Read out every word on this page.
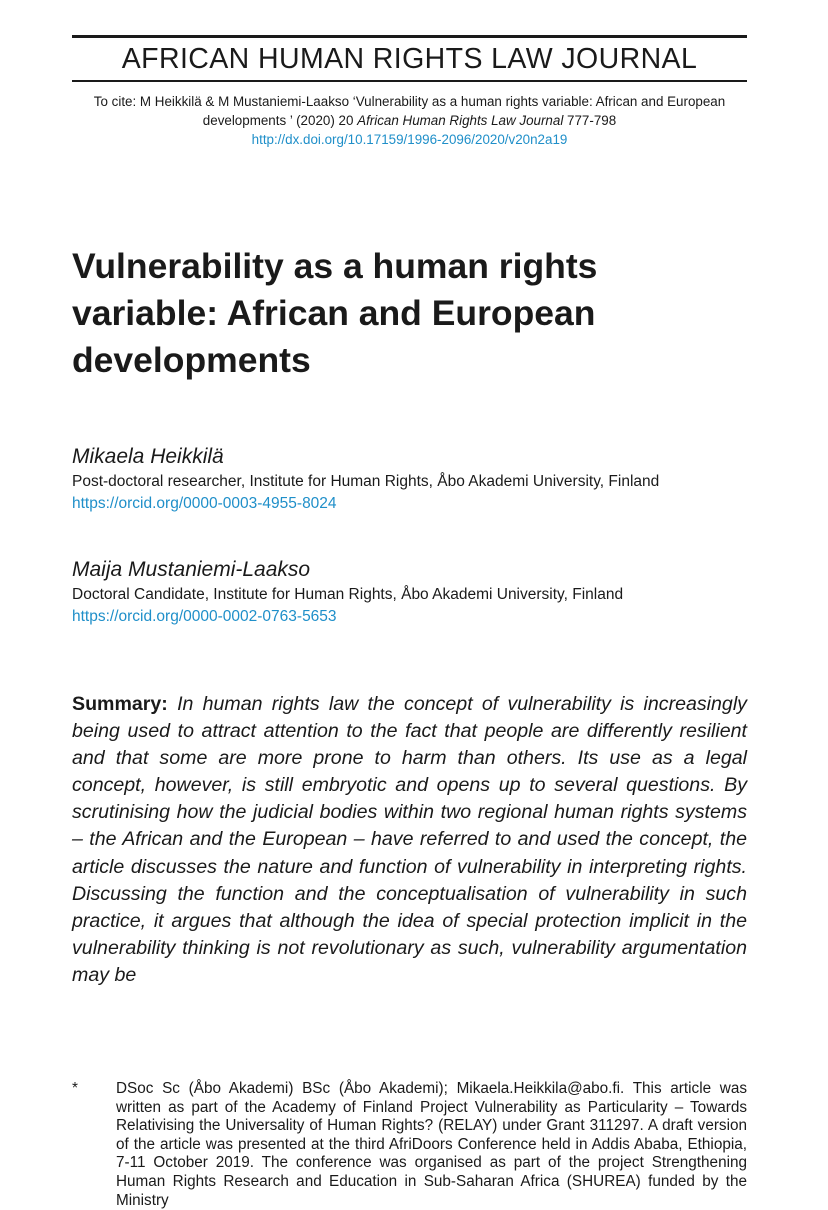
AFRICAN HUMAN RIGHTS LAW JOURNAL
To cite: M Heikkilä & M Mustaniemi-Laakso ‘Vulnerability as a human rights variable: African and European developments ’ (2020) 20 African Human Rights Law Journal 777-798
http://dx.doi.org/10.17159/1996-2096/2020/v20n2a19
Vulnerability as a human rights variable: African and European developments
Mikaela Heikkilä
Post-doctoral researcher, Institute for Human Rights, Åbo Akademi University, Finland
https://orcid.org/0000-0003-4955-8024
Maija Mustaniemi-Laakso
Doctoral Candidate, Institute for Human Rights, Åbo Akademi University, Finland
https://orcid.org/0000-0002-0763-5653
Summary: In human rights law the concept of vulnerability is increasingly being used to attract attention to the fact that people are differently resilient and that some are more prone to harm than others. Its use as a legal concept, however, is still embryotic and opens up to several questions. By scrutinising how the judicial bodies within two regional human rights systems – the African and the European – have referred to and used the concept, the article discusses the nature and function of vulnerability in interpreting rights. Discussing the function and the conceptualisation of vulnerability in such practice, it argues that although the idea of special protection implicit in the vulnerability thinking is not revolutionary as such, vulnerability argumentation may be
* DSoc Sc (Åbo Akademi) BSc (Åbo Akademi); Mikaela.Heikkila@abo.fi. This article was written as part of the Academy of Finland Project Vulnerability as Particularity – Towards Relativising the Universality of Human Rights? (RELAY) under Grant 311297. A draft version of the article was presented at the third AfriDoors Conference held in Addis Ababa, Ethiopia, 7-11 October 2019. The conference was organised as part of the project Strengthening Human Rights Research and Education in Sub-Saharan Africa (SHUREA) funded by the Ministry
